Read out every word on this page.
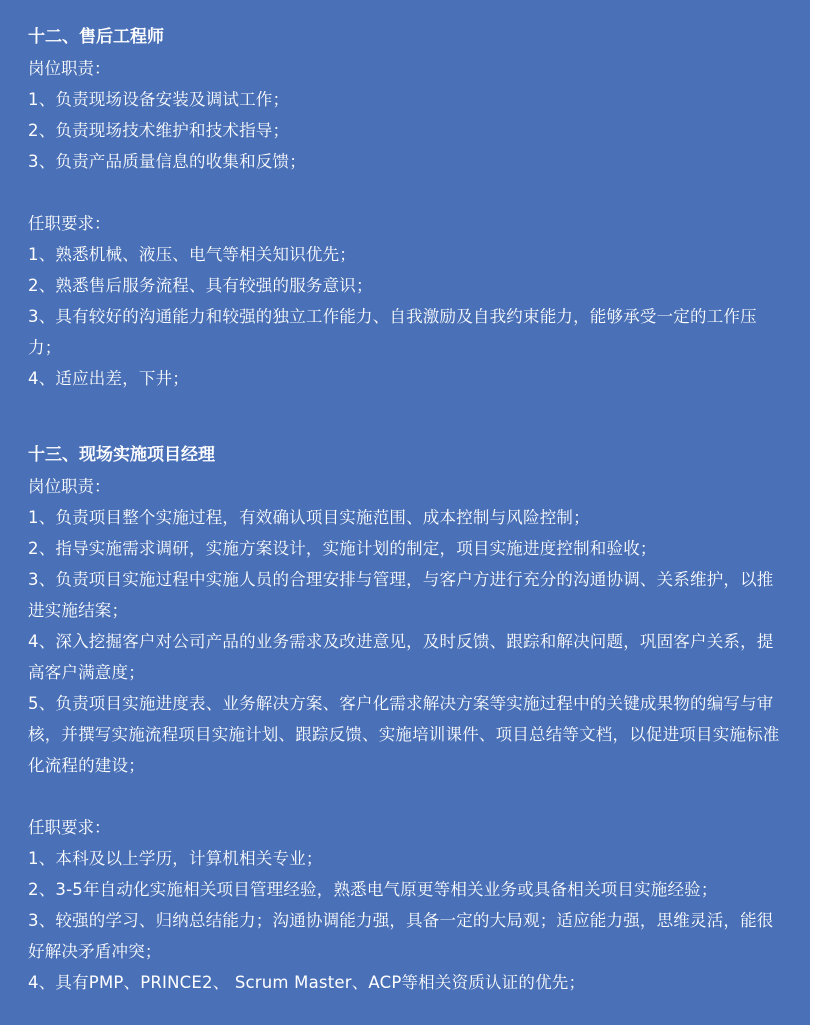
十二、售后工程师
岗位职责：
1、负责现场设备安装及调试工作；
2、负责现场技术维护和技术指导；
3、负责产品质量信息的收集和反馈；
任职要求：
1、熟悉机械、液压、电气等相关知识优先；
2、熟悉售后服务流程、具有较强的服务意识；
3、具有较好的沟通能力和较强的独立工作能力、自我激励及自我约束能力，能够承受一定的工作压力；
4、适应出差，下井；
十三、现场实施项目经理
岗位职责：
1、负责项目整个实施过程，有效确认项目实施范围、成本控制与风险控制；
2、指导实施需求调研，实施方案设计，实施计划的制定，项目实施进度控制和验收；
3、负责项目实施过程中实施人员的合理安排与管理，与客户方进行充分的沟通协调、关系维护，以推进实施结案；
4、深入挖掘客户对公司产品的业务需求及改进意见，及时反馈、跟踪和解决问题，巩固客户关系，提高客户满意度；
5、负责项目实施进度表、业务解决方案、客户化需求解决方案等实施过程中的关键成果物的编写与审核，并撰写实施流程项目实施计划、跟踪反馈、实施培训课件、项目总结等文档，以促进项目实施标准化流程的建设；
任职要求：
1、本科及以上学历，计算机相关专业；
2、3-5年自动化实施相关项目管理经验，熟悉电气原更等相关业务或具备相关项目实施经验；
3、较强的学习、归纳总结能力；沟通协调能力强，具备一定的大局观；适应能力强，思维灵活，能很好解决矛盾冲突；
4、具有PMP、PRINCE2、 Scrum Master、ACP等相关资质认证的优先；
